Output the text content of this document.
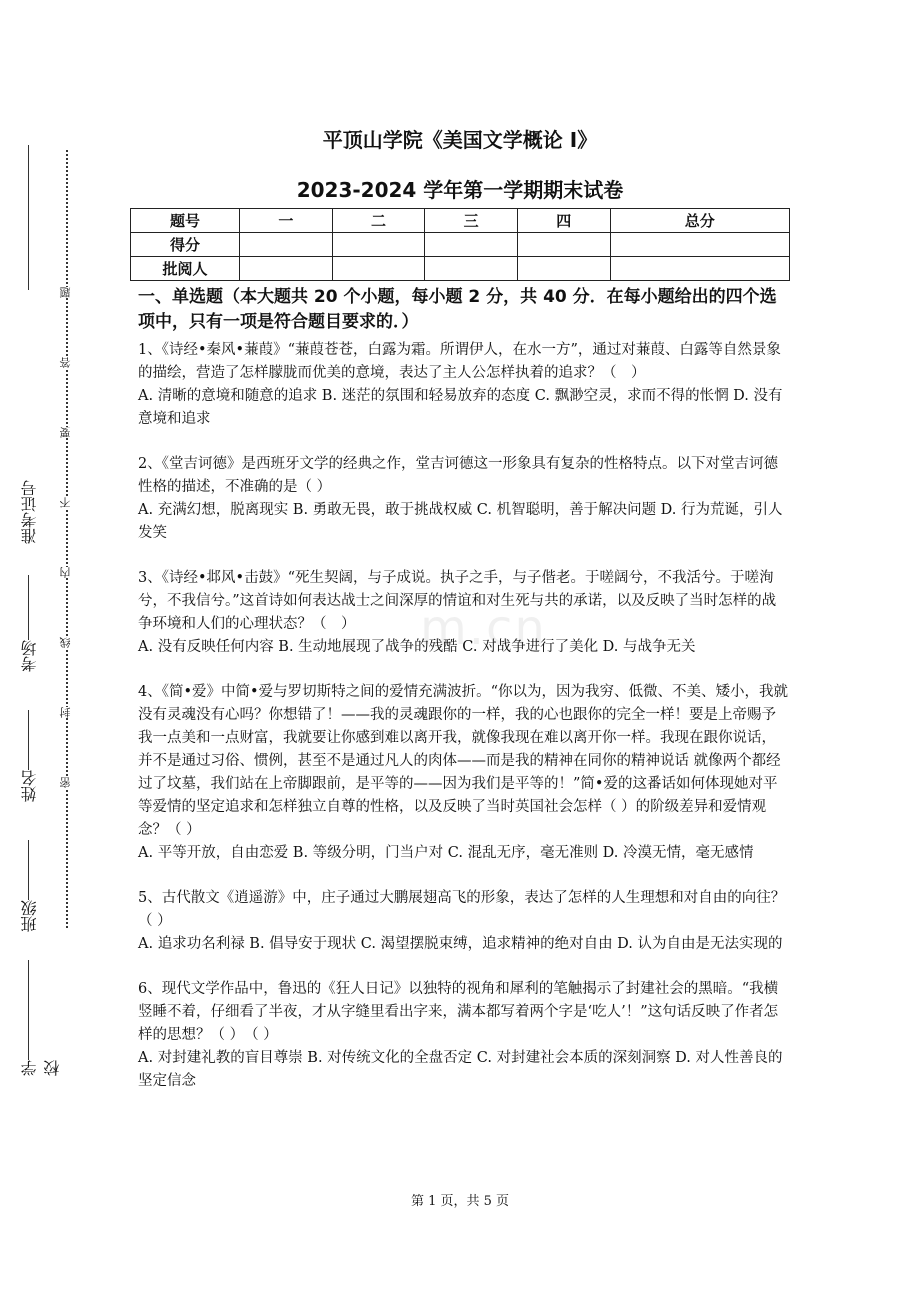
准考证号
考场
姓名
班级
学校
题
答
要
不
内
线
封
密
平顶山学院《美国文学概论 I》
2023-2024 学年第一学期期末试卷
题号	一	二	三	四	总分
得分					
批阅人					
m.cn
一、单选题（本大题共 20 个小题，每小题 2 分，共 40 分．在每小题给出的四个选项中，只有一项是符合题目要求的．）

1、《诗经•秦风•蒹葭》“蒹葭苍苍，白露为霜。所谓伊人，在水一方”，通过对蒹葭、白露等自然景象的描绘，营造了怎样朦胧而优美的意境，表达了主人公怎样执着的追求？（　）

A. 清晰的意境和随意的追求 B. 迷茫的氛围和轻易放弃的态度 C. 飘渺空灵，求而不得的怅惘 D. 没有意境和追求

2、《堂吉诃德》是西班牙文学的经典之作，堂吉诃德这一形象具有复杂的性格特点。以下对堂吉诃德性格的描述，不准确的是（ ）

A. 充满幻想，脱离现实 B. 勇敢无畏，敢于挑战权威 C. 机智聪明，善于解决问题 D. 行为荒诞，引人发笑

3、《诗经•邶风•击鼓》“死生契阔，与子成说。执子之手，与子偕老。于嗟阔兮，不我活兮。于嗟洵兮，不我信兮。”这首诗如何表达战士之间深厚的情谊和对生死与共的承诺，以及反映了当时怎样的战争环境和人们的心理状态？（　）

A. 没有反映任何内容 B. 生动地展现了战争的残酷 C. 对战争进行了美化 D. 与战争无关

4、《简•爱》中简•爱与罗切斯特之间的爱情充满波折。“你以为，因为我穷、低微、不美、矮小，我就没有灵魂没有心吗？你想错了！——我的灵魂跟你的一样，我的心也跟你的完全一样！要是上帝赐予我一点美和一点财富，我就要让你感到难以离开我，就像我现在难以离开你一样。我现在跟你说话，并不是通过习俗、惯例，甚至不是通过凡人的肉体——而是我的精神在同你的精神说话 就像两个都经过了坟墓，我们站在上帝脚跟前，是平等的——因为我们是平等的！”简•爱的这番话如何体现她对平等爱情的坚定追求和怎样独立自尊的性格，以及反映了当时英国社会怎样（ ）的阶级差异和爱情观念？（ ）

A. 平等开放，自由恋爱 B. 等级分明，门当户对 C. 混乱无序，毫无准则 D. 冷漠无情，毫无感情

5、古代散文《逍遥游》中，庄子通过大鹏展翅高飞的形象，表达了怎样的人生理想和对自由的向往？（ ）

A. 追求功名利禄 B. 倡导安于现状 C. 渴望摆脱束缚，追求精神的绝对自由 D. 认为自由是无法实现的

6、现代文学作品中，鲁迅的《狂人日记》以独特的视角和犀利的笔触揭示了封建社会的黑暗。“我横竖睡不着，仔细看了半夜，才从字缝里看出字来，满本都写着两个字是‘吃人’！”这句话反映了作者怎样的思想？（ ）　（ ）

A. 对封建礼教的盲目尊崇 B. 对传统文化的全盘否定 C. 对封建社会本质的深刻洞察 D. 对人性善良的坚定信念

第 1 页，共 5 页
